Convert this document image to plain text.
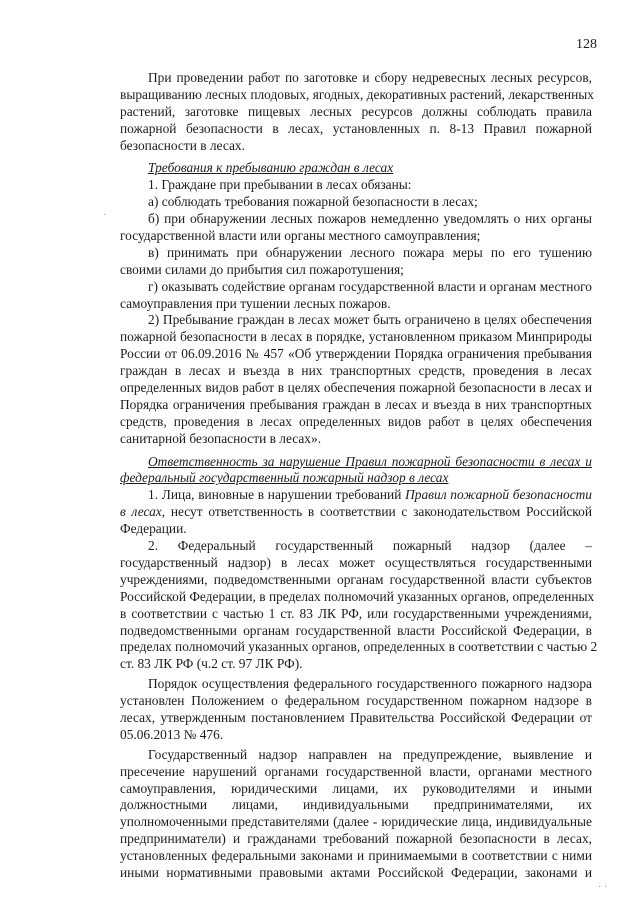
128
·
· ·
При проведении работ по заготовке и сбору недревесных лесных ресурсов,
выращиванию лесных плодовых, ягодных, декоративных растений, лекарственных
растений, заготовке пищевых лесных ресурсов должны соблюдать правила
пожарной безопасности в лесах, установленных п. 8-13 Правил пожарной
безопасности в лесах.
Требования к пребыванию граждан в лесах
1. Граждане при пребывании в лесах обязаны:
а) соблюдать требования пожарной безопасности в лесах;
б) при обнаружении лесных пожаров немедленно уведомлять о них органы
государственной власти или органы местного самоуправления;
в) принимать при обнаружении лесного пожара меры по его тушению
своими силами до прибытия сил пожаротушения;
г) оказывать содействие органам государственной власти и органам местного
самоуправления при тушении лесных пожаров.
2) Пребывание граждан в лесах может быть ограничено в целях обеспечения
пожарной безопасности в лесах в порядке, установленном приказом Минприроды
России от 06.09.2016 № 457 «Об утверждении Порядка ограничения пребывания
граждан в лесах и въезда в них транспортных средств, проведения в лесах
определенных видов работ в целях обеспечения пожарной безопасности в лесах и
Порядка ограничения пребывания граждан в лесах и въезда в них транспортных
средств, проведения в лесах определенных видов работ в целях обеспечения
санитарной безопасности в лесах».
Ответственность за нарушение Правил пожарной безопасности в лесах и
федеральный государственный пожарный надзор в лесах
1. Лица, виновные в нарушении требований Правил пожарной безопасности
в лесах, несут ответственность в соответствии с законодательством Российской
Федерации.
2. Федеральный государственный пожарный надзор (далее –
государственный надзор) в лесах может осуществляться государственными
учреждениями, подведомственными органам государственной власти субъектов
Российской Федерации, в пределах полномочий указанных органов, определенных
в соответствии с частью 1 ст. 83 ЛК РФ, или государственными учреждениями,
подведомственными органам государственной власти Российской Федерации, в
пределах полномочий указанных органов, определенных в соответствии с частью 2
ст. 83 ЛК РФ (ч.2 ст. 97 ЛК РФ).
Порядок осуществления федерального государственного пожарного надзора
установлен Положением о федеральном государственном пожарном надзоре в
лесах, утвержденным постановлением Правительства Российской Федерации от
05.06.2013 № 476.
Государственный надзор направлен на предупреждение, выявление и
пресечение нарушений органами государственной власти, органами местного
самоуправления, юридическими лицами, их руководителями и иными
должностными лицами, индивидуальными предпринимателями, их
уполномоченными представителями (далее - юридические лица, индивидуальные
предприниматели) и гражданами требований пожарной безопасности в лесах,
установленных федеральными законами и принимаемыми в соответствии с ними
иными нормативными правовыми актами Российской Федерации, законами и
